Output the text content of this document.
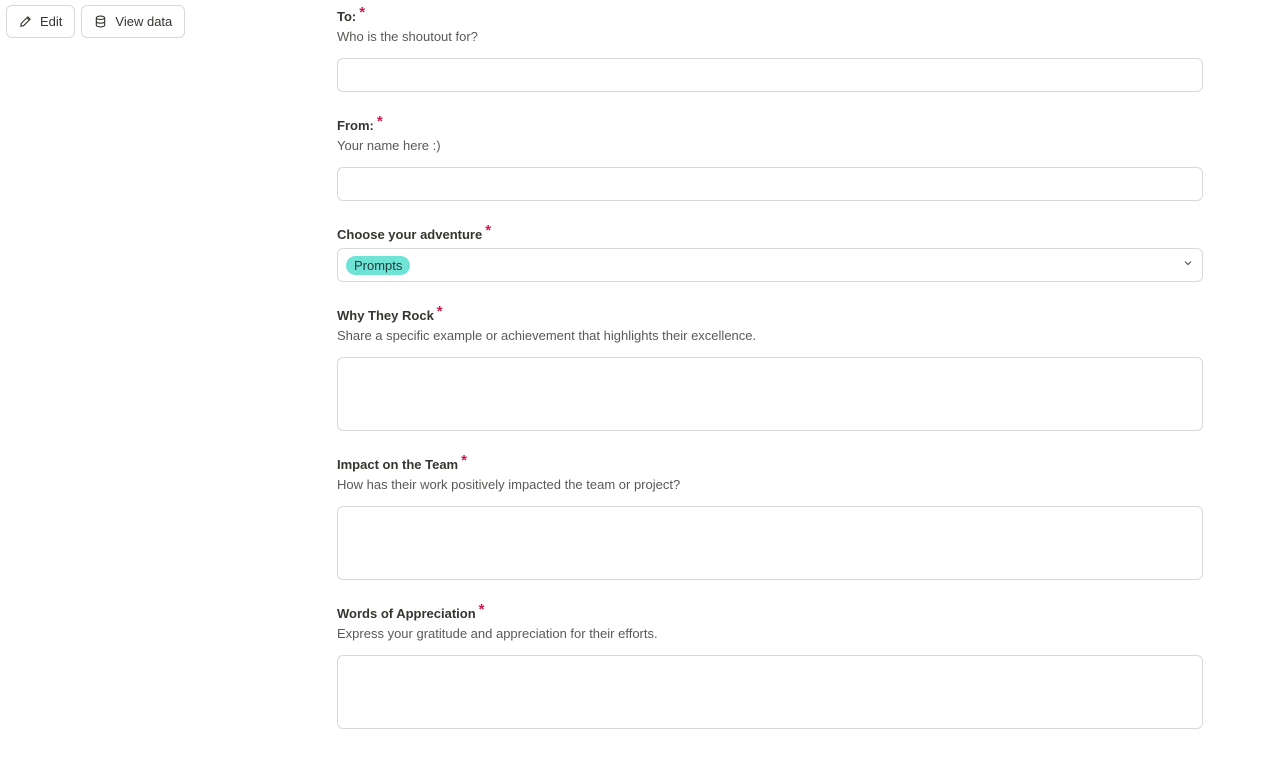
Edit	View data	To: *
Who is the shoutout for?
From: *
Your name here :)
Choose your adventure *
Prompts
Why They Rock *
Share a specific example or achievement that highlights their excellence.
Impact on the Team *
How has their work positively impacted the team or project?
Words of Appreciation *
Express your gratitude and appreciation for their efforts.
